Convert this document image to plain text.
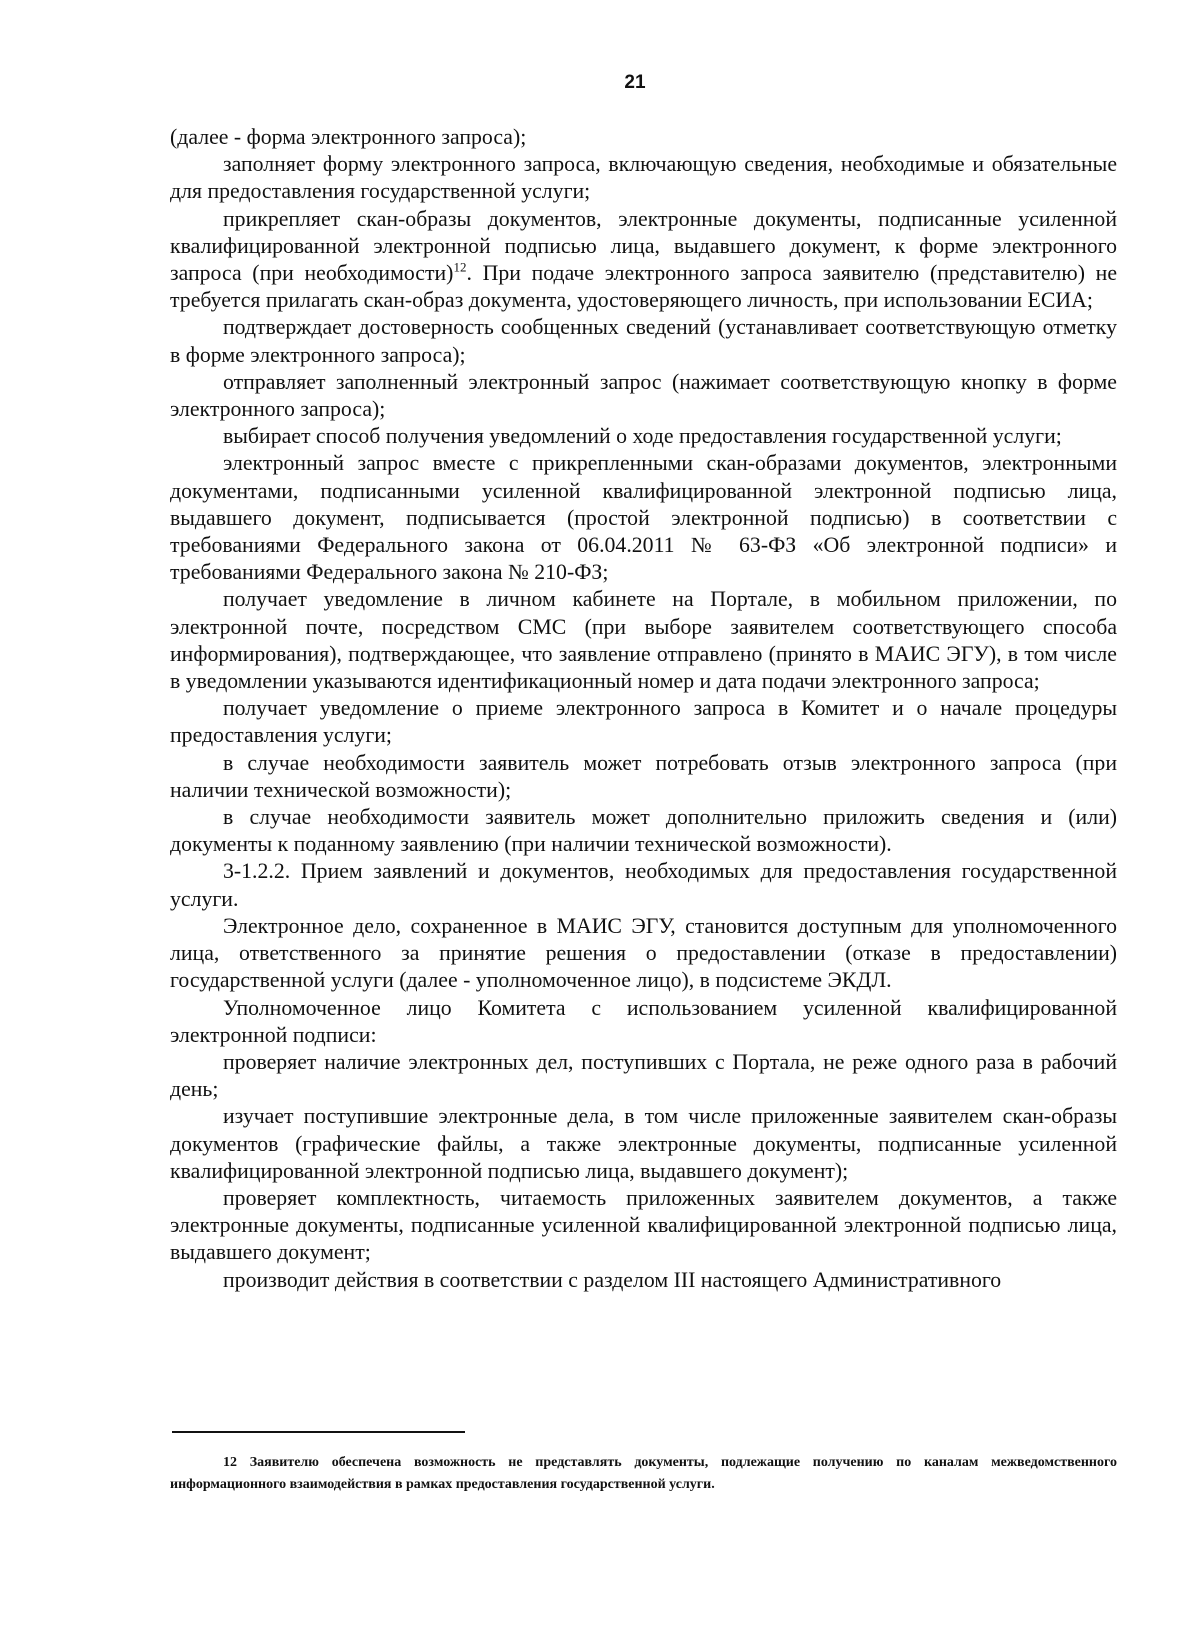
21

(далее - форма электронного запроса);

заполняет форму электронного запроса, включающую сведения, необходимые и обязательные для предоставления государственной услуги;

прикрепляет скан-образы документов, электронные документы, подписанные усиленной квалифицированной электронной подписью лица, выдавшего документ, к форме электронного запроса (при необходимости)$^{12}$. При подаче электронного запроса заявителю (представителю) не требуется прилагать скан-образ документа, удостоверяющего личность, при использовании ЕСИА;

подтверждает достоверность сообщенных сведений (устанавливает соответствующую отметку в форме электронного запроса);

отправляет заполненный электронный запрос (нажимает соответствующую кнопку в форме электронного запроса);

выбирает способ получения уведомлений о ходе предоставления государственной услуги;

электронный запрос вместе с прикрепленными скан-образами документов, электронными документами, подписанными усиленной квалифицированной электронной подписью лица, выдавшего документ, подписывается (простой электронной подписью) в соответствии с требованиями Федерального закона от 06.04.2011 № 63-ФЗ «Об электронной подписи» и требованиями Федерального закона № 210-ФЗ;

получает уведомление в личном кабинете на Портале, в мобильном приложении, по электронной почте, посредством СМС (при выборе заявителем соответствующего способа информирования), подтверждающее, что заявление отправлено (принято в МАИС ЭГУ), в том числе в уведомлении указываются идентификационный номер и дата подачи электронного запроса;

получает уведомление о приеме электронного запроса в Комитет и о начале процедуры предоставления услуги;

в случае необходимости заявитель может потребовать отзыв электронного запроса (при наличии технической возможности);

в случае необходимости заявитель может дополнительно приложить сведения и (или) документы к поданному заявлению (при наличии технической возможности).

3-1.2.2. Прием заявлений и документов, необходимых для предоставления государственной услуги.

Электронное дело, сохраненное в МАИС ЭГУ, становится доступным для уполномоченного лица, ответственного за принятие решения о предоставлении (отказе в предоставлении) государственной услуги (далее - уполномоченное лицо), в подсистеме ЭКДЛ.

Уполномоченное лицо Комитета с использованием усиленной квалифицированной электронной подписи:

проверяет наличие электронных дел, поступивших с Портала, не реже одного раза в рабочий день;

изучает поступившие электронные дела, в том числе приложенные заявителем скан-образы документов (графические файлы, а также электронные документы, подписанные усиленной квалифицированной электронной подписью лица, выдавшего документ);

проверяет комплектность, читаемость приложенных заявителем документов, а также электронные документы, подписанные усиленной квалифицированной электронной подписью лица, выдавшего документ;

производит действия в соответствии с разделом III настоящего Административного

12 Заявителю обеспечена возможность не представлять документы, подлежащие получению по каналам межведомственного информационного взаимодействия в рамках предоставления государственной услуги.
